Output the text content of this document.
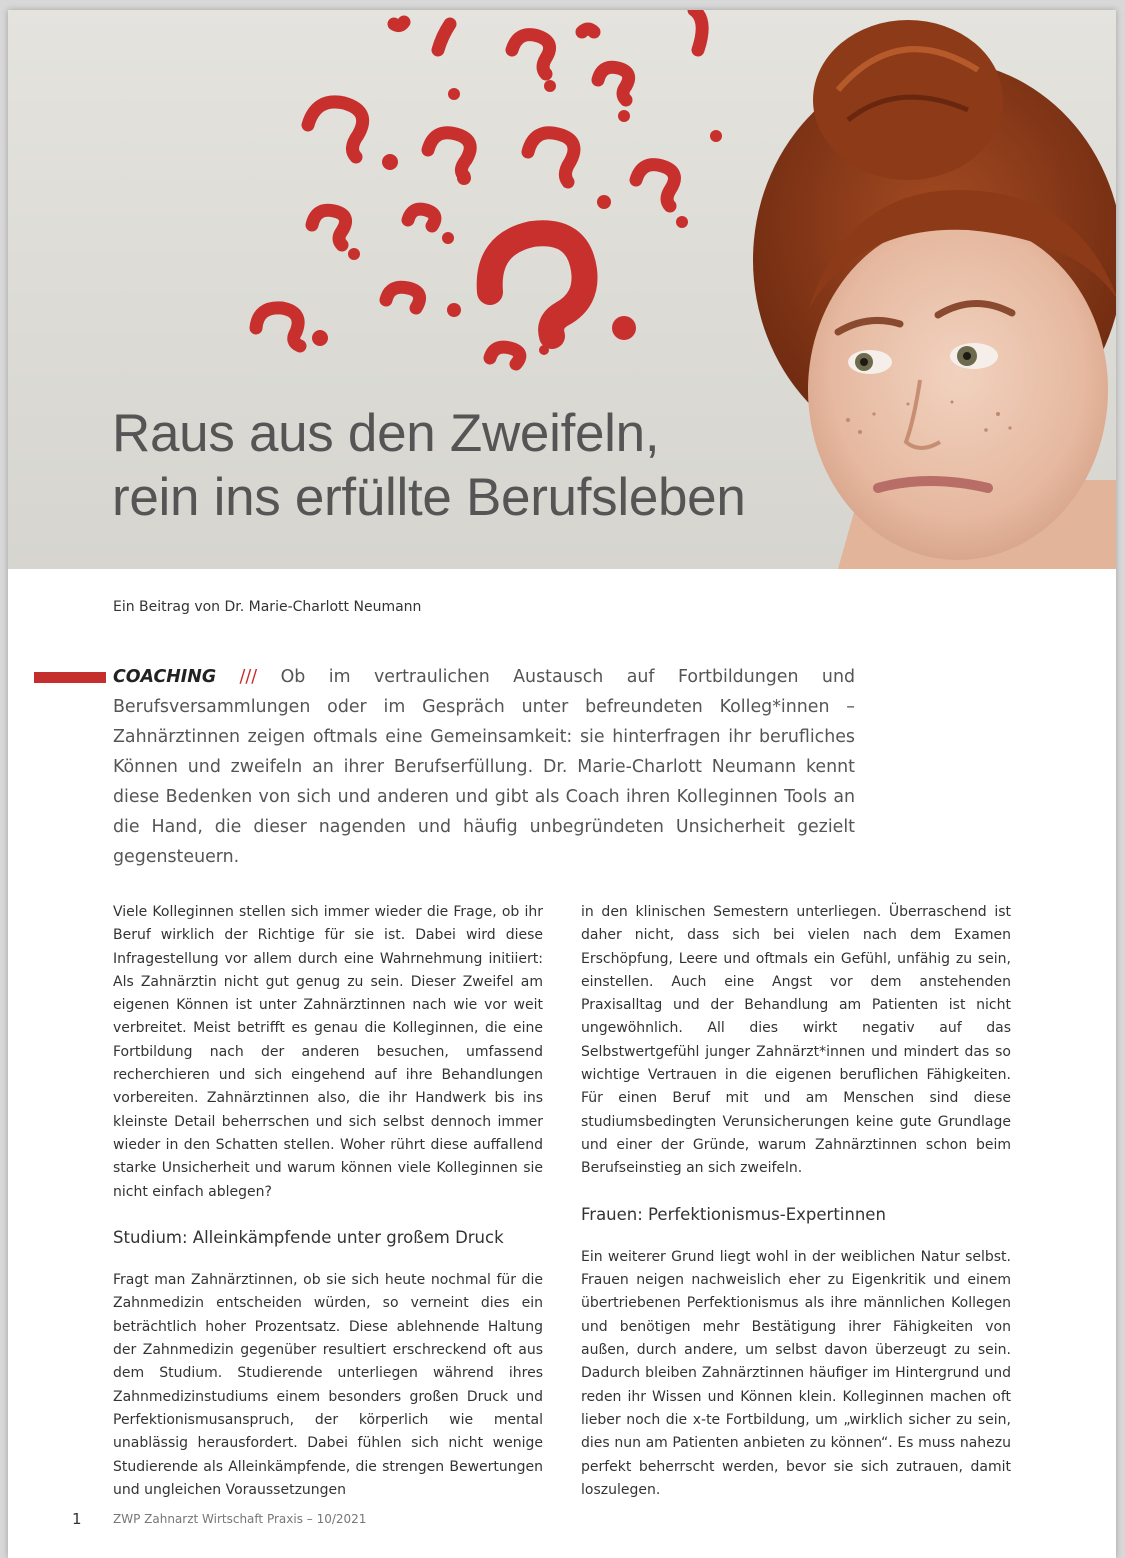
Raus aus den Zweifeln,
rein ins erfüllte Berufsleben
Ein Beitrag von Dr. Marie-Charlott Neumann

COACHING /// Ob im vertraulichen Austausch auf Fortbildungen und Berufsversammlungen oder im Gespräch unter befreundeten Kolleg*innen – Zahnärztinnen zeigen oftmals eine Gemeinsamkeit: sie hinterfragen ihr berufliches Können und zweifeln an ihrer Berufserfüllung. Dr. Marie-Charlott Neumann kennt diese Bedenken von sich und anderen und gibt als Coach ihren Kolleginnen Tools an die Hand, die dieser nagenden und häufig unbegründeten Unsicherheit gezielt gegensteuern.

Viele Kolleginnen stellen sich immer wieder die Frage, ob ihr Beruf wirklich der Richtige für sie ist. Dabei wird diese Infragestellung vor allem durch eine Wahrnehmung initiiert: Als Zahnärztin nicht gut genug zu sein. Dieser Zweifel am eigenen Können ist unter Zahnärztinnen nach wie vor weit verbreitet. Meist betrifft es genau die Kolleginnen, die eine Fortbildung nach der anderen besuchen, umfassend recherchieren und sich eingehend auf ihre Behandlungen vorbereiten. Zahnärztinnen also, die ihr Handwerk bis ins kleinste Detail beherrschen und sich selbst dennoch immer wieder in den Schatten stellen. Woher rührt diese auffallend starke Unsicherheit und warum können viele Kolleginnen sie nicht einfach ablegen?

Studium: Alleinkämpfende unter großem Druck

Fragt man Zahnärztinnen, ob sie sich heute nochmal für die Zahnmedizin entscheiden würden, so verneint dies ein beträchtlich hoher Prozentsatz. Diese ablehnende Haltung der Zahnmedizin gegenüber resultiert erschreckend oft aus dem Studium. Studierende unterliegen während ihres Zahnmedizinstudiums einem besonders großen Druck und Perfektionismusanspruch, der körperlich wie mental unablässig herausfordert. Dabei fühlen sich nicht wenige Studierende als Alleinkämpfende, die strengen Bewertungen und ungleichen Voraussetzungen

in den klinischen Semestern unterliegen. Überraschend ist daher nicht, dass sich bei vielen nach dem Examen Erschöpfung, Leere und oftmals ein Gefühl, unfähig zu sein, einstellen. Auch eine Angst vor dem anstehenden Praxisalltag und der Behandlung am Patienten ist nicht ungewöhnlich. All dies wirkt negativ auf das Selbstwertgefühl junger Zahnärzt*innen und mindert das so wichtige Vertrauen in die eigenen beruflichen Fähigkeiten. Für einen Beruf mit und am Menschen sind diese studiumsbedingten Verunsicherungen keine gute Grundlage und einer der Gründe, warum Zahnärztinnen schon beim Berufseinstieg an sich zweifeln.

Frauen: Perfektionismus-Expertinnen

Ein weiterer Grund liegt wohl in der weiblichen Natur selbst. Frauen neigen nachweislich eher zu Eigenkritik und einem übertriebenen Perfektionismus als ihre männlichen Kollegen und benötigen mehr Bestätigung ihrer Fähigkeiten von außen, durch andere, um selbst davon überzeugt zu sein. Dadurch bleiben Zahnärztinnen häufiger im Hintergrund und reden ihr Wissen und Können klein. Kolleginnen machen oft lieber noch die x-te Fortbildung, um „wirklich sicher zu sein, dies nun am Patienten anbieten zu können“. Es muss nahezu perfekt beherrscht werden, bevor sie sich zutrauen, damit loszulegen.

1	ZWP Zahnarzt Wirtschaft Praxis – 10/2021
